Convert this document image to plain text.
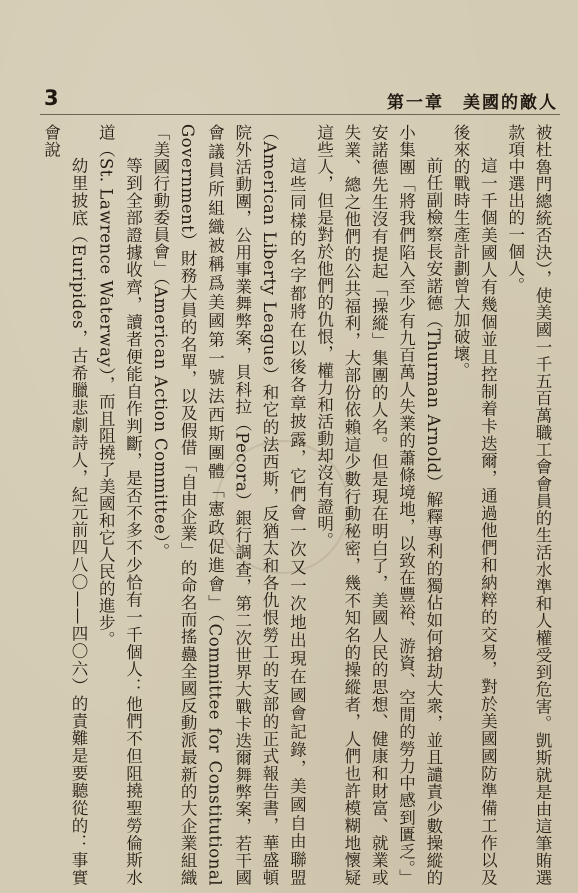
3	第一章　美國的敵人

被杜魯門總統否決），使美國一千五百萬職工會會員的生活水準和人權受到危害。凱斯就是由這筆賄選款項中選出的一個人。

這一千個美國人有幾個並且控制着卡迭爾，通過他們和納粹的交易，對於美國國防準備工作以及後來的戰時生產計劃曾大加破壞。

前任副檢察長安諾德（Thurman Arnold）解釋專利的獨佔如何搶劫大衆，並且譴責少數操縱的小集團「將我們陷入至少有九百萬人失業的蕭條境地，以致在豐裕、游資、空閒的勞力中感到匱乏。」安諾德先生沒有提起「操縱」集團的人名。但是現在明白了，美國人民的思想、健康和財富、就業或失業、總之他們的公共福利，大部份依賴這少數行動秘密，幾不知名的操縱者，人們也許模糊地懷疑這些人，但是對於他們的仇恨，權力和活動却沒有證明。

這些同樣的名字都將在以後各章披露，它們會一次又一次地出現在國會記錄，美國自由聯盟（American Liberty League）和它的法西斯，反猶太和各仇恨勞工的支部的正式報告書，華盛頓院外活動團，公用事業舞弊案，貝科拉（Pecora）銀行調查，第二次世界大戰卡迭爾舞弊案，若干國會議員所組織被稱爲美國第一號法西斯團體「憲政促進會」（Committee for Constitutional Government）財務大員的名單，以及假借「自由企業」的命名而搖蠱全國反動派最新的大企業組織「美國行動委員會」（American Action Committee）。

等到全部證據收齊，讀者便能自作判斷，是否不多不少恰有一千個人：他們不但阻撓聖勞倫斯水道（St. Lawrence Waterway），而且阻撓了美國和它人民的進步。

幼里披底（Euripides，古希臘悲劇詩人，紀元前四八〇——四〇六）的責難是要聽從的：事實會說
